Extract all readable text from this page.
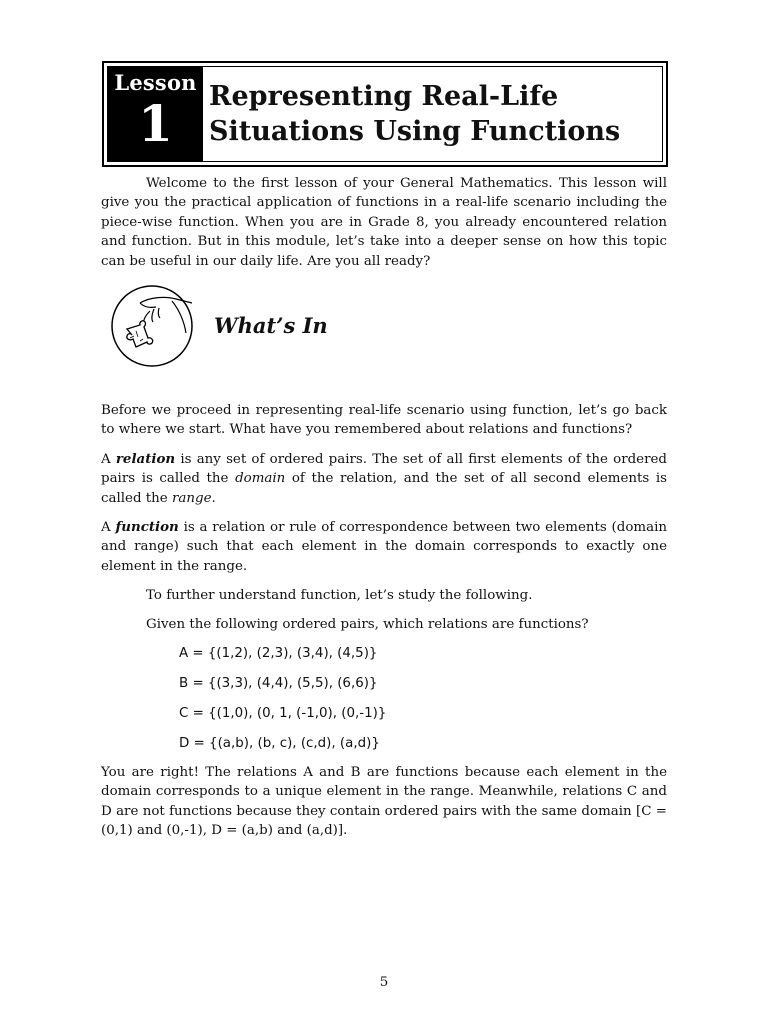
Lesson
1 Representing Real-Life
Situations Using Functions

Welcome to the first lesson of your General Mathematics. This lesson will give you the practical application of functions in a real-life scenario including the piece-wise function. When you are in Grade 8, you already encountered relation and function. But in this module, let’s take into a deeper sense on how this topic can be useful in our daily life. Are you all ready?

What’s In

Before we proceed in representing real-life scenario using function, let’s go back to where we start. What have you remembered about relations and functions?

A relation is any set of ordered pairs. The set of all first elements of the ordered pairs is called the domain of the relation, and the set of all second elements is called the range.

A function is a relation or rule of correspondence between two elements (domain and range) such that each element in the domain corresponds to exactly one element in the range.

To further understand function, let’s study the following.
Given the following ordered pairs, which relations are functions?
A = {(1,2), (2,3), (3,4), (4,5)}
B = {(3,3), (4,4), (5,5), (6,6)}
C = {(1,0), (0, 1, (-1,0), (0,-1)}
D = {(a,b), (b, c), (c,d), (a,d)}

You are right! The relations A and B are functions because each element in the domain corresponds to a unique element in the range. Meanwhile, relations C and D are not functions because they contain ordered pairs with the same domain [C = (0,1) and (0,-1), D = (a,b) and (a,d)].

5
